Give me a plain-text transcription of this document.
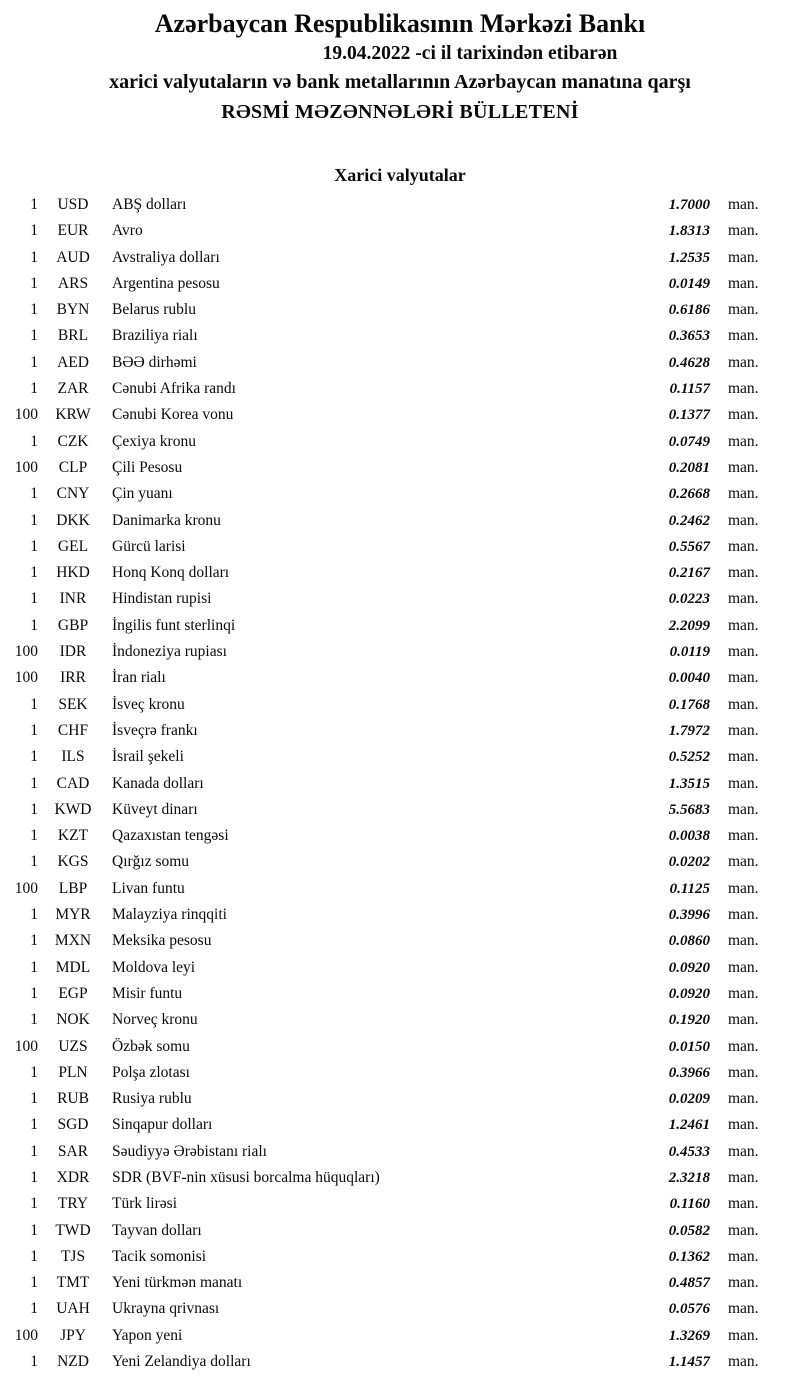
Azərbaycan Respublikasının Mərkəzi Bankı
19.04.2022 -ci il tarixindən etibarən
xarici valyutaların və bank metallarının Azərbaycan manatına qarşı
RƏSMİ MƏZƏNNƏLƏRİ BÜLLETENİ
Xarici valyutalar
1	USD	ABŞ dolları	1.7000 man.
1	EUR	Avro	1.8313 man.
1	AUD	Avstraliya dolları	1.2535 man.
1	ARS	Argentina pesosu	0.0149 man.
1	BYN	Belarus rublu	0.6186 man.
1	BRL	Braziliya rialı	0.3653 man.
1	AED	BƏƏ dirhəmi	0.4628 man.
1	ZAR	Cənubi Afrika randı	0.1157 man.
100	KRW	Cənubi Korea vonu	0.1377 man.
1	CZK	Çexiya kronu	0.0749 man.
100	CLP	Çili Pesosu	0.2081 man.
1	CNY	Çin yuanı	0.2668 man.
1	DKK	Danimarka kronu	0.2462 man.
1	GEL	Gürcü larisi	0.5567 man.
1	HKD	Honq Konq dolları	0.2167 man.
1	INR	Hindistan rupisi	0.0223 man.
1	GBP	İngilis funt sterlinqi	2.2099 man.
100	IDR	İndoneziya rupiası	0.0119 man.
100	IRR	İran rialı	0.0040 man.
1	SEK	İsveç kronu	0.1768 man.
1	CHF	İsveçrə frankı	1.7972 man.
1	ILS	İsrail şekeli	0.5252 man.
1	CAD	Kanada dolları	1.3515 man.
1	KWD	Küveyt dinarı	5.5683 man.
1	KZT	Qazaxıstan tengəsi	0.0038 man.
1	KGS	Qırğız somu	0.0202 man.
100	LBP	Livan funtu	0.1125 man.
1	MYR	Malayziya rinqqiti	0.3996 man.
1	MXN	Meksika pesosu	0.0860 man.
1	MDL	Moldova leyi	0.0920 man.
1	EGP	Misir funtu	0.0920 man.
1	NOK	Norveç kronu	0.1920 man.
100	UZS	Özbək somu	0.0150 man.
1	PLN	Polşa zlotası	0.3966 man.
1	RUB	Rusiya rublu	0.0209 man.
1	SGD	Sinqapur dolları	1.2461 man.
1	SAR	Səudiyyə Ərəbistanı rialı	0.4533 man.
1	XDR	SDR (BVF-nin xüsusi borcalma hüquqları)	2.3218 man.
1	TRY	Türk lirəsi	0.1160 man.
1	TWD	Tayvan dolları	0.0582 man.
1	TJS	Tacik somonisi	0.1362 man.
1	TMT	Yeni türkmən manatı	0.4857 man.
1	UAH	Ukrayna qrivnası	0.0576 man.
100	JPY	Yapon yeni	1.3269 man.
1	NZD	Yeni Zelandiya dolları	1.1457 man.
